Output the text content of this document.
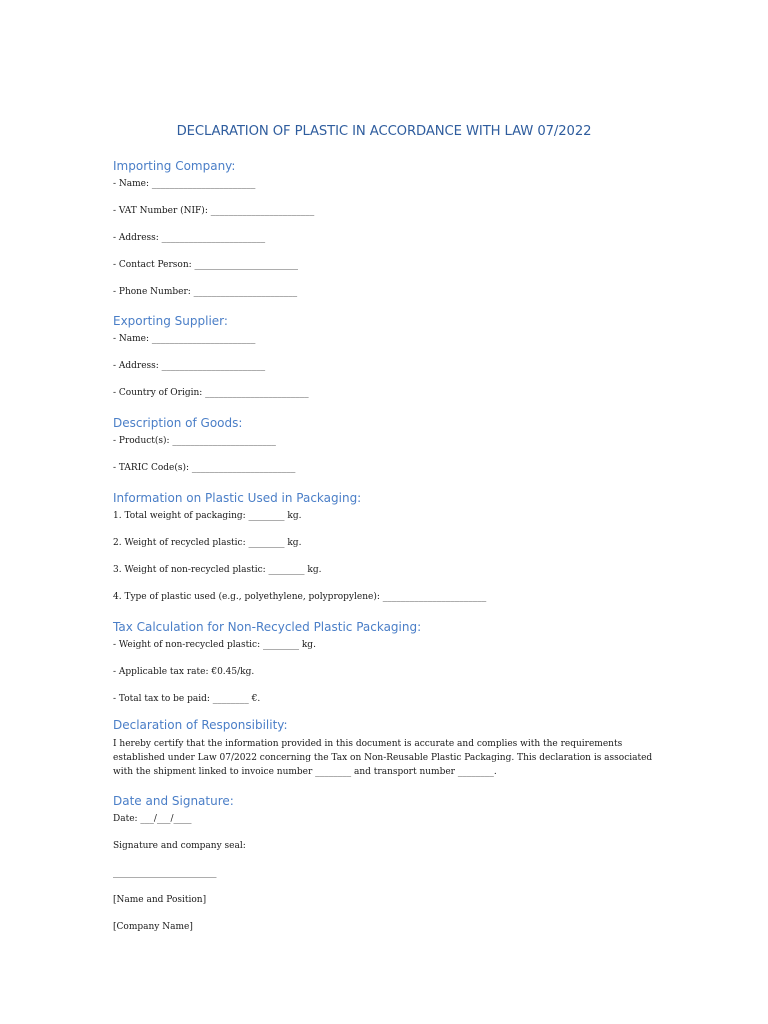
DECLARATION OF PLASTIC IN ACCORDANCE WITH LAW 07/2022
Importing Company:

- Name: _______________________

- VAT Number (NIF): _______________________

- Address: _______________________

- Contact Person: _______________________

- Phone Number: _______________________

Exporting Supplier:

- Name: _______________________

- Address: _______________________

- Country of Origin: _______________________

Description of Goods:

- Product(s): _______________________

- TARIC Code(s): _______________________

Information on Plastic Used in Packaging:

1. Total weight of packaging: ________ kg.

2. Weight of recycled plastic: ________ kg.

3. Weight of non-recycled plastic: ________ kg.

4. Type of plastic used (e.g., polyethylene, polypropylene): _______________________

Tax Calculation for Non-Recycled Plastic Packaging:

- Weight of non-recycled plastic: ________ kg.

- Applicable tax rate: €0.45/kg.

- Total tax to be paid: ________ €.

Declaration of Responsibility:

I hereby certify that the information provided in this document is accurate and complies with the requirements established under Law 07/2022 concerning the Tax on Non-Reusable Plastic Packaging. This declaration is associated with the shipment linked to invoice number ________ and transport number ________.

Date and Signature:

Date: ___/___/____

Signature and company seal:

_______________________

[Name and Position]

[Company Name]
